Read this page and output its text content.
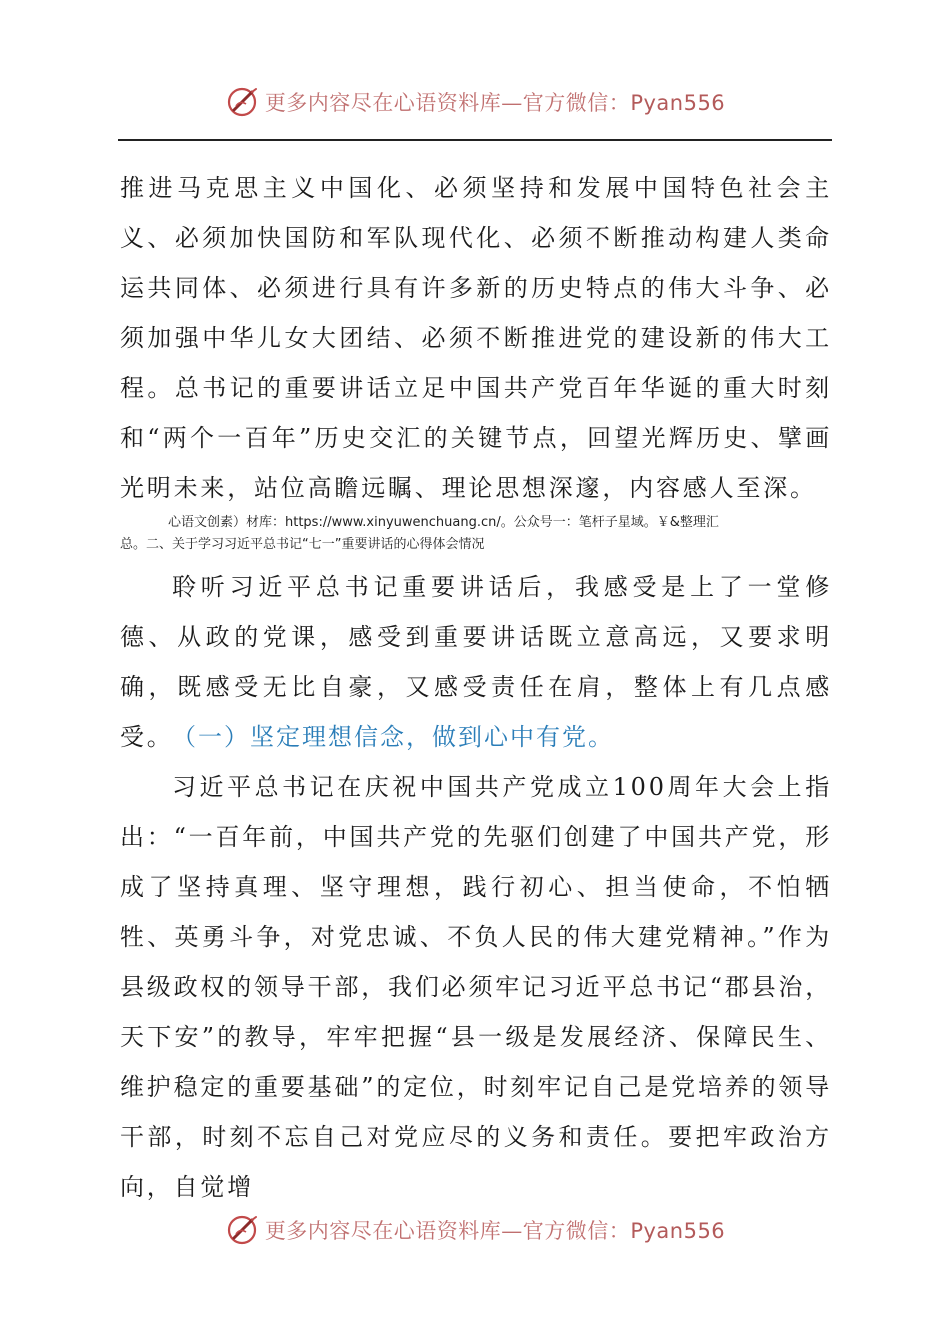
更多内容尽在心语资料库—官方微信：Pyan556

推进马克思主义中国化、必须坚持和发展中国特色社会主义、必须加快国防和军队现代化、必须不断推动构建人类命运共同体、必须进行具有许多新的历史特点的伟大斗争、必须加强中华儿女大团结、必须不断推进党的建设新的伟大工程。总书记的重要讲话立足中国共产党百年华诞的重大时刻和“两个一百年”历史交汇的关键节点，回望光辉历史、擘画光明未来，站位高瞻远瞩、理论思想深邃，内容感人至深。

心语文创素）材库：https://www.xinyuwenchuang.cn/。公众号一：笔杆子星域。￥&整理汇
总。二、关于学习习近平总书记“七一”重要讲话的心得体会情况

聆听习近平总书记重要讲话后，我感受是上了一堂修德、从政的党课，感受到重要讲话既立意高远，又要求明确，既感受无比自豪，又感受责任在肩，整体上有几点感受。

（一）坚定理想信念，做到心中有党。

习近平总书记在庆祝中国共产党成立100周年大会上指出：“一百年前，中国共产党的先驱们创建了中国共产党，形成了坚持真理、坚守理想，践行初心、担当使命，不怕牺牲、英勇斗争，对党忠诚、不负人民的伟大建党精神。”作为县级政权的领导干部，我们必须牢记习近平总书记“郡县治，天下安”的教导，牢牢把握“县一级是发展经济、保障民生、维护稳定的重要基础”的定位，时刻牢记自己是党培养的领导干部，时刻不忘自己对党应尽的义务和责任。要把牢政治方向，自觉增

更多内容尽在心语资料库—官方微信：Pyan556
